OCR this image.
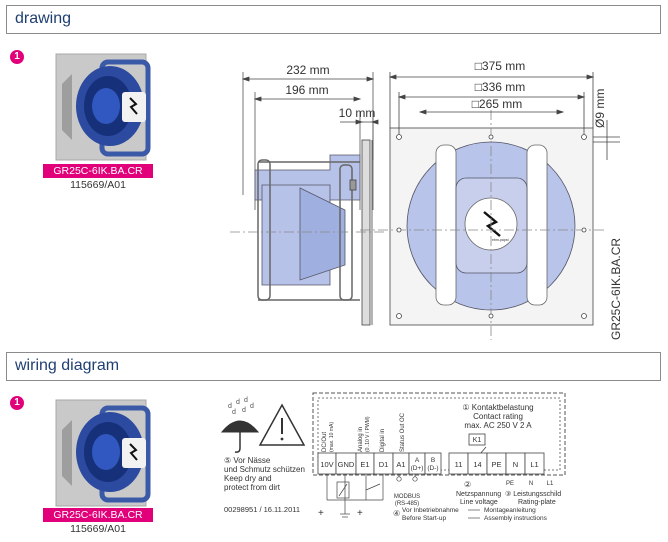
drawing
1
GR25C-6IK.BA.CR
115669/A01
232 mm
196 mm
10 mm
ebm-papst
□375 mm
□336 mm
□265 mm	Ø9 mm
GR25C-6IK.BA.CR
wiring diagram
1
GR25C-6IK.BA.CR
115669/A01
d
d d
d d
d
⑤ Vor Nässe
und Schmutz schützen
Keep dry and
protect from dirt
00298951 / 16.11.2011
DC/Out (max. 10 mA)	Analog in (0..10 V / PWM) Digital in Status Out OC
① Kontaktbelastung
Contact rating
max. AC 250 V 2 A
K1
10V GND E1 D1 A1 A
(D+)
B
(D-) 11 14 PE N L1
MODBUS
(RS-485)
PE N L1
②
Netzspannung
Line voltage
③ Leistungsschild
Rating-plate
④ Vor Inbetriebnahme
Before Start-up
Montageanleitung
Assembly instructions
+	+
